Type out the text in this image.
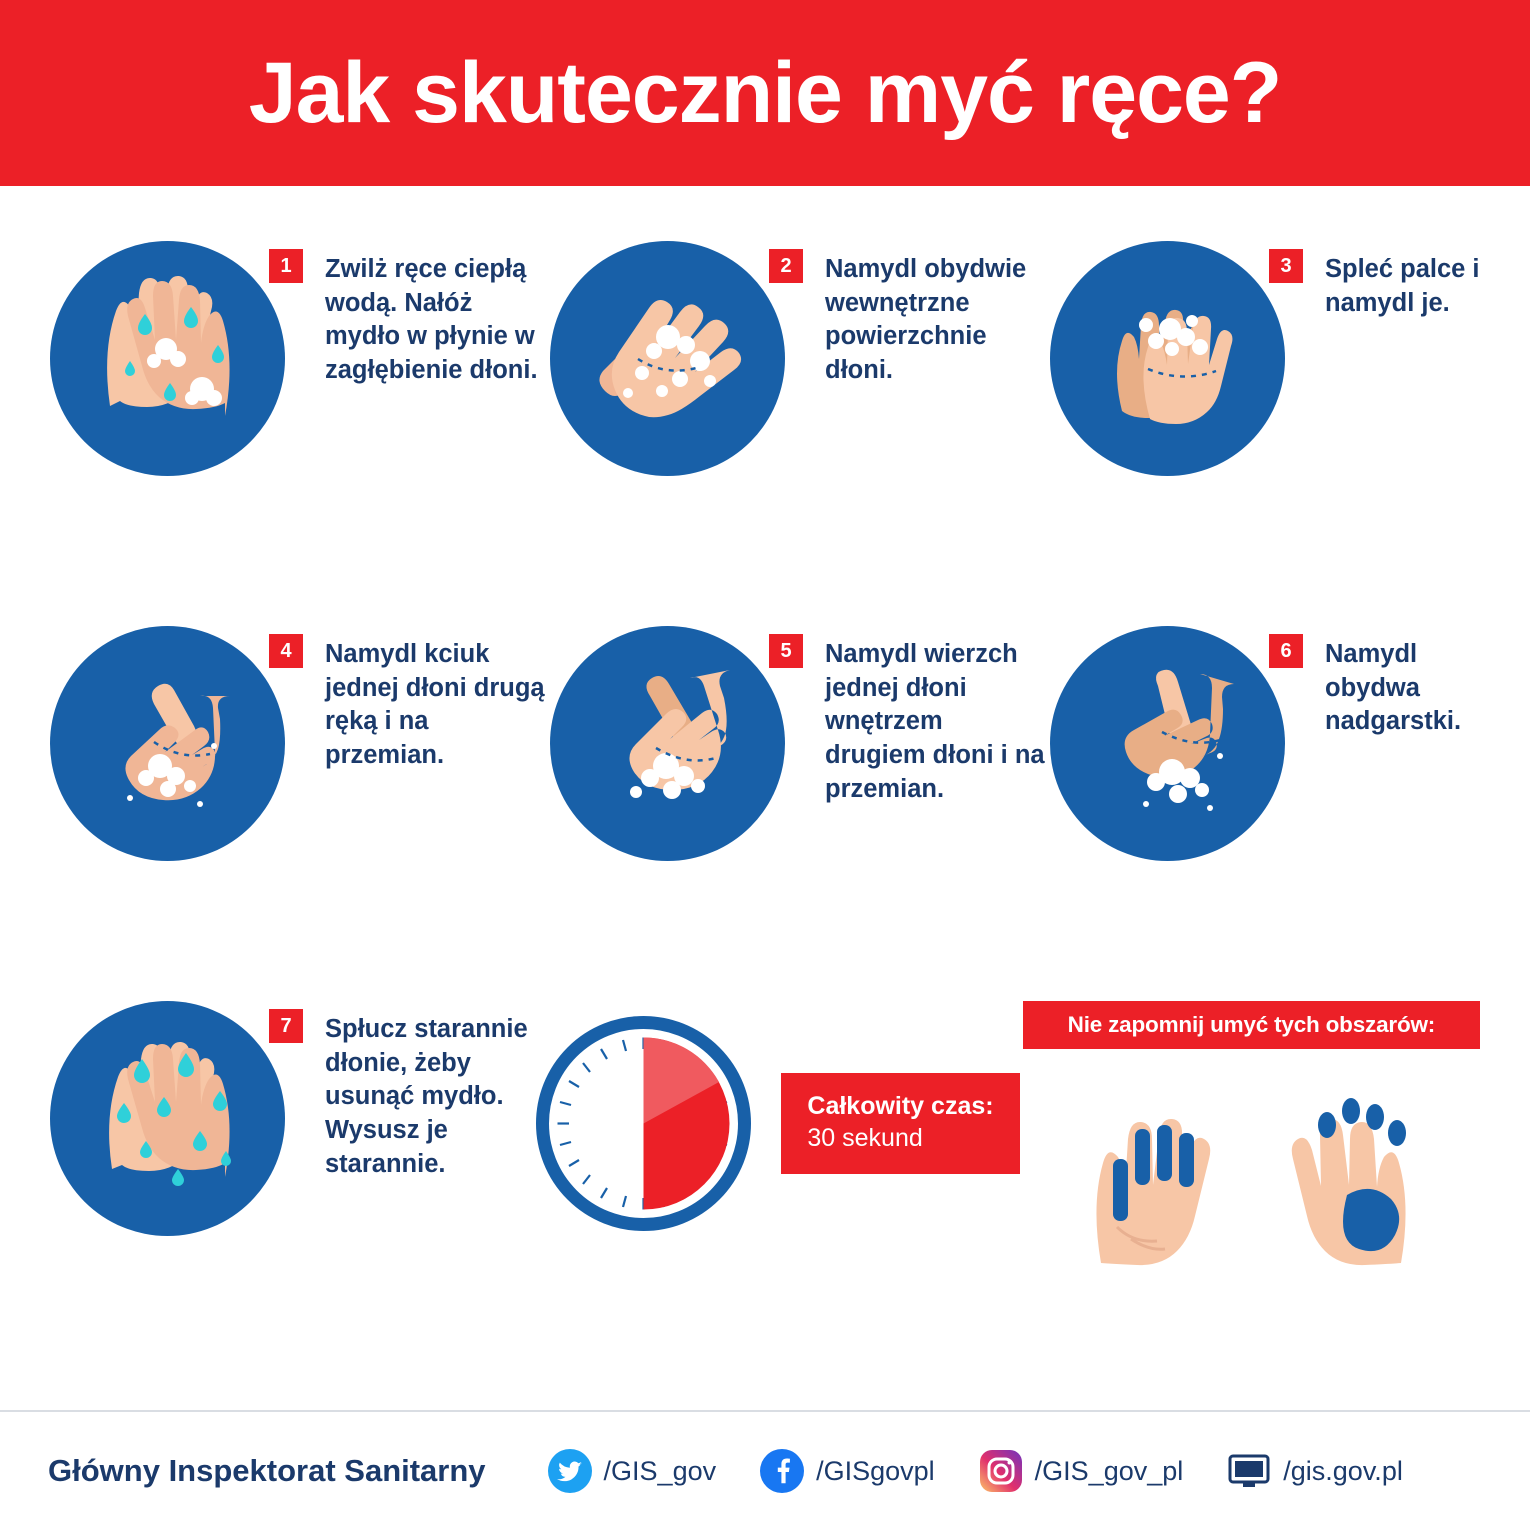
Jak skutecznie myć ręce?
1	Zwilż ręce ciepłą wodą. Nałóż mydło w płynie w zagłębienie dłoni.
2	Namydl obydwie wewnętrzne powierzchnie dłoni.
3	Spleć palce i namydl je.
4	Namydl kciuk jednej dłoni drugą ręką i na przemian.
5	Namydl wierzch jednej dłoni wnętrzem drugiem dłoni i na przemian.
6	Namydl obydwa nadgarstki.
7	Spłucz starannie dłonie, żeby usunąć mydło. Wysusz je starannie.
Całkowity czas:
30 sekund
Nie zapomnij umyć tych obszarów:
Główny Inspektorat Sanitarny	/GIS_gov	/GISgovpl	/GIS_gov_pl	/gis.gov.pl
